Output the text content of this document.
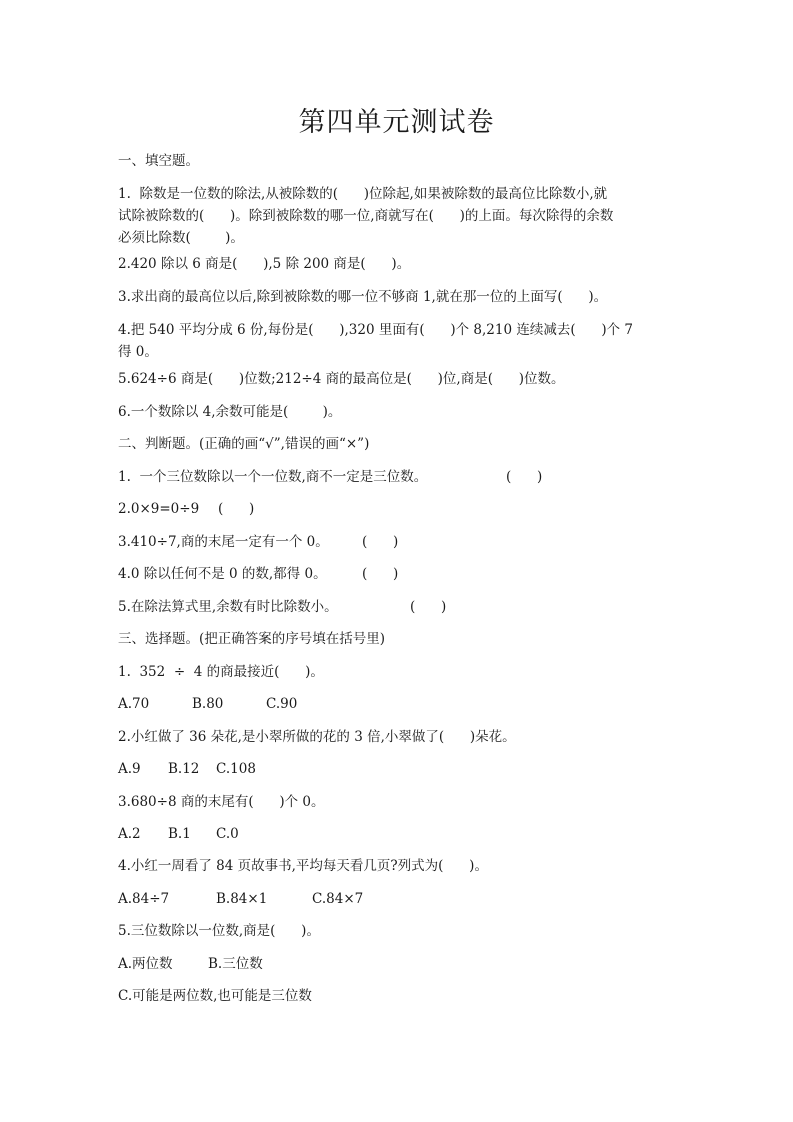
第四单元测试卷
一、填空题。
1.  除数是一位数的除法,从被除数的(      )位除起,如果被除数的最高位比除数小,就
试除被除数的(      )。除到被除数的哪一位,商就写在(      )的上面。每次除得的余数
必须比除数(        )。
2.420 除以 6 商是(      ),5 除 200 商是(      )。
3.求出商的最高位以后,除到被除数的哪一位不够商 1,就在那一位的上面写(      )。
4.把 540 平均分成 6 份,每份是(      ),320 里面有(      )个 8,210 连续减去(      )个 7
得 0。
5.624÷6 商是(      )位数;212÷4 商的最高位是(      )位,商是(      )位数。
6.一个数除以 4,余数可能是(        )。
二、判断题。(正确的画“√”,错误的画“×”)
1.  一个三位数除以一个一位数,商不一定是三位数。	(      )
2.0×9=0÷9 (      )
3.410÷7,商的末尾一定有一个 0。 (      )
4.0 除以任何不是 0 的数,都得 0。	(      )
5.在除法算式里,余数有时比除数小。	(      )
三、选择题。(把正确答案的序号填在括号里)
1.  352  ÷  4 的商最接近(      )。
A.70	B.80	C.90
2.小红做了 36 朵花,是小翠所做的花的 3 倍,小翠做了(      )朵花。
A.9 B.12 C.108
3.680÷8 商的末尾有(      )个 0。
A.2 B.1 C.0
4.小红一周看了 84 页故事书,平均每天看几页?列式为(      )。
A.84÷7	B.84×1	C.84×7
5.三位数除以一位数,商是(      )。
A.两位数	B.三位数
C.可能是两位数,也可能是三位数
